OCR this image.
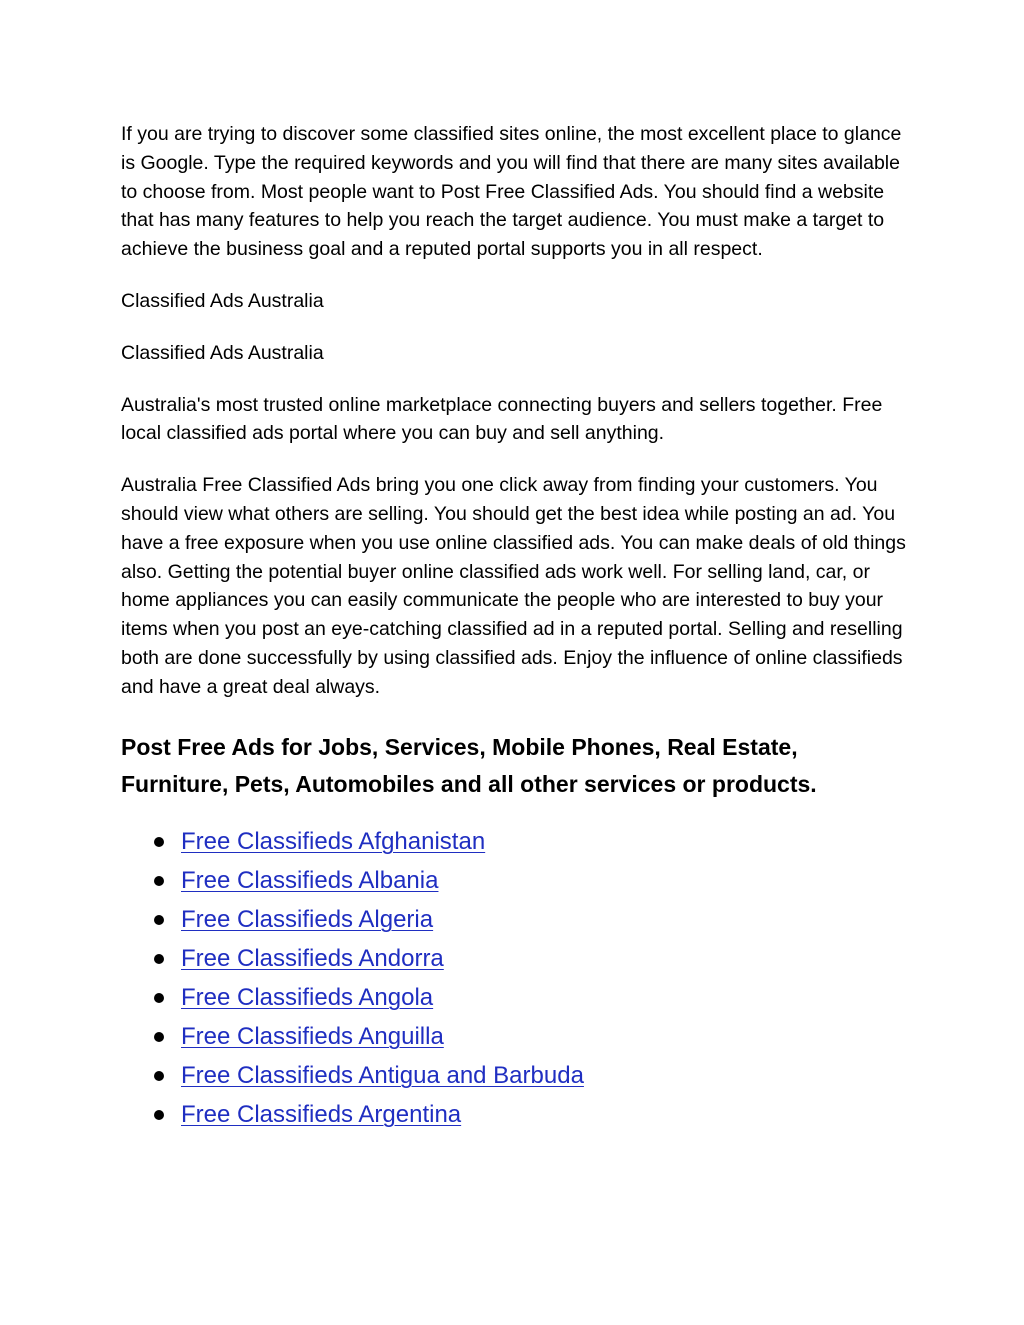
If you are trying to discover some classified sites online, the most excellent place to glance is Google. Type the required keywords and you will find that there are many sites available to choose from. Most people want to Post Free Classified Ads. You should find a website that has many features to help you reach the target audience. You must make a target to achieve the business goal and a reputed portal supports you in all respect.

Classified Ads Australia

Classified Ads Australia

Australia's most trusted online marketplace connecting buyers and sellers together. Free local classified ads portal where you can buy and sell anything.

Australia Free Classified Ads bring you one click away from finding your customers. You should view what others are selling. You should get the best idea while posting an ad. You have a free exposure when you use online classified ads. You can make deals of old things also. Getting the potential buyer online classified ads work well. For selling land, car, or home appliances you can easily communicate the people who are interested to buy your items when you post an eye-catching classified ad in a reputed portal. Selling and reselling both are done successfully by using classified ads. Enjoy the influence of online classifieds and have a great deal always.

Post Free Ads for Jobs, Services, Mobile Phones, Real Estate, Furniture, Pets, Automobiles and all other services or products.
Free Classifieds Afghanistan
Free Classifieds Albania
Free Classifieds Algeria
Free Classifieds Andorra
Free Classifieds Angola
Free Classifieds Anguilla
Free Classifieds Antigua and Barbuda
Free Classifieds Argentina
